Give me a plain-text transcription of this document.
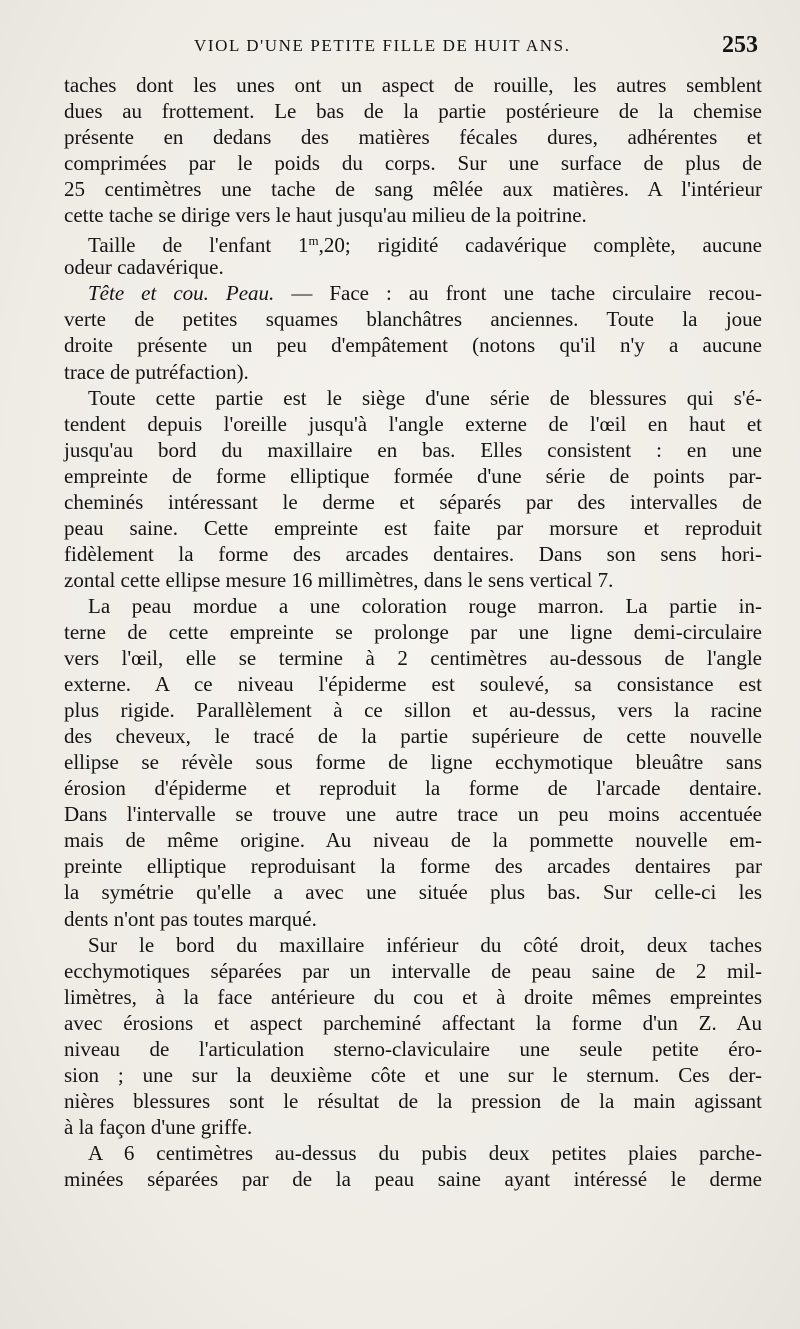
VIOL D'UNE PETITE FILLE DE HUIT ANS.	253
taches dont les unes ont un aspect de rouille, les autres semblent
dues au frottement. Le bas de la partie postérieure de la chemise
présente en dedans des matières fécales dures, adhérentes et
comprimées par le poids du corps. Sur une surface de plus de
25 centimètres une tache de sang mêlée aux matières. A l'intérieur
cette tache se dirige vers le haut jusqu'au milieu de la poitrine.
Taille de l'enfant 1$^m$,20; rigidité cadavérique complète, aucune
odeur cadavérique.
Tête et cou. Peau. — Face : au front une tache circulaire recou-
verte de petites squames blanchâtres anciennes. Toute la joue
droite présente un peu d'empâtement (notons qu'il n'y a aucune
trace de putréfaction).
Toute cette partie est le siège d'une série de blessures qui s'é-
tendent depuis l'oreille jusqu'à l'angle externe de l'œil en haut et
jusqu'au bord du maxillaire en bas. Elles consistent : en une
empreinte de forme elliptique formée d'une série de points par-
cheminés intéressant le derme et séparés par des intervalles de
peau saine. Cette empreinte est faite par morsure et reproduit
fidèlement la forme des arcades dentaires. Dans son sens hori-
zontal cette ellipse mesure 16 millimètres, dans le sens vertical 7.
La peau mordue a une coloration rouge marron. La partie in-
terne de cette empreinte se prolonge par une ligne demi-circulaire
vers l'œil, elle se termine à 2 centimètres au-dessous de l'angle
externe. A ce niveau l'épiderme est soulevé, sa consistance est
plus rigide. Parallèlement à ce sillon et au-dessus, vers la racine
des cheveux, le tracé de la partie supérieure de cette nouvelle
ellipse se révèle sous forme de ligne ecchymotique bleuâtre sans
érosion d'épiderme et reproduit la forme de l'arcade dentaire.
Dans l'intervalle se trouve une autre trace un peu moins accentuée
mais de même origine. Au niveau de la pommette nouvelle em-
preinte elliptique reproduisant la forme des arcades dentaires par
la symétrie qu'elle a avec une située plus bas. Sur celle-ci les
dents n'ont pas toutes marqué.
Sur le bord du maxillaire inférieur du côté droit, deux taches
ecchymotiques séparées par un intervalle de peau saine de 2 mil-
limètres, à la face antérieure du cou et à droite mêmes empreintes
avec érosions et aspect parcheminé affectant la forme d'un Z. Au
niveau de l'articulation sterno-claviculaire une seule petite éro-
sion ; une sur la deuxième côte et une sur le sternum. Ces der-
nières blessures sont le résultat de la pression de la main agissant
à la façon d'une griffe.
A 6 centimètres au-dessus du pubis deux petites plaies parche-
minées séparées par de la peau saine ayant intéressé le derme
